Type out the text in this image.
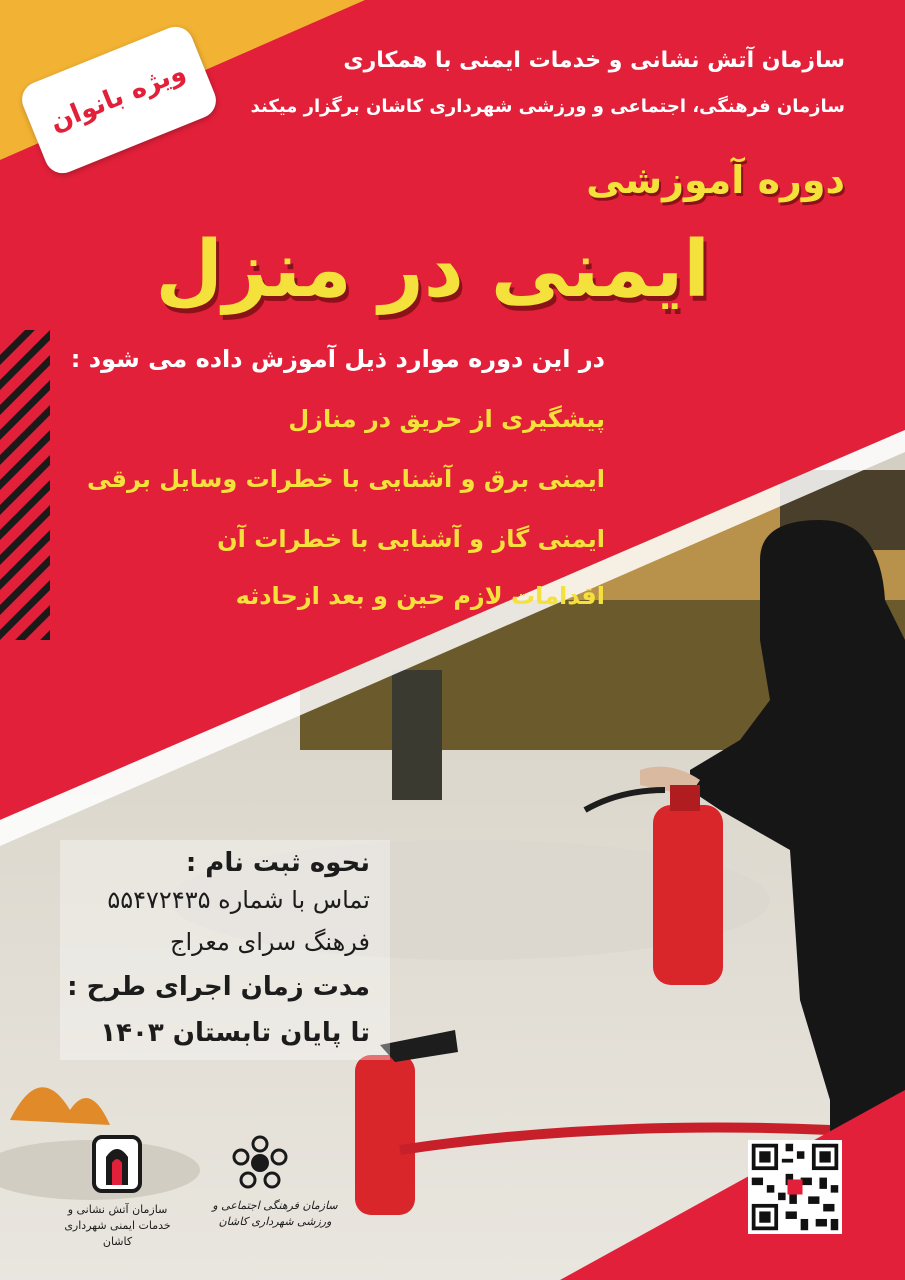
ویژه بانوان	سازمان آتش نشانی و خدمات ایمنی با همکاری
سازمان فرهنگی، اجتماعی و ورزشی شهرداری کاشان برگزار میکند
دوره آموزشی
ایمنی در منزل
در این دوره موارد ذیل آموزش داده می شود :
پیشگیری از حریق در منازل
ایمنی برق و آشنایی با خطرات وسایل برقی
ایمنی گاز و آشنایی با خطرات آن
اقدامات لازم حین و بعد ازحادثه
نحوه ثبت نام :
تماس با شماره ۵۵۴۷۲۴۳۵
فرهنگ سرای معراج
مدت زمان اجرای طرح :
تا پایان تابستان ۱۴۰۳
سازمان آتش نشانی و خدمات ایمنی شهرداری کاشان
سازمان فرهنگی اجتماعی و ورزشی شهرداری کاشان
